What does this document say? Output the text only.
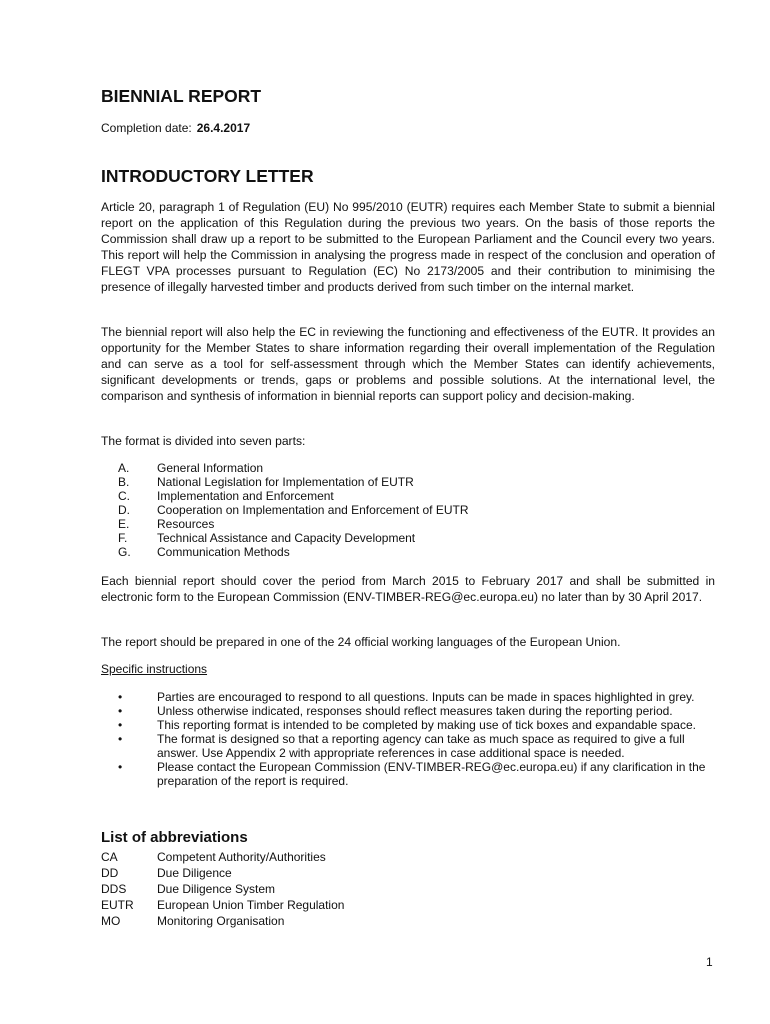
BIENNIAL REPORT
Completion date: 26.4.2017
INTRODUCTORY LETTER

Article 20, paragraph 1 of Regulation (EU) No 995/2010 (EUTR) requires each Member State to submit a biennial report on the application of this Regulation during the previous two years. On the basis of those reports the Commission shall draw up a report to be submitted to the European Parliament and the Council every two years. This report will help the Commission in analysing the progress made in respect of the conclusion and operation of FLEGT VPA processes pursuant to Regulation (EC) No 2173/2005 and their contribution to minimising the presence of illegally harvested timber and products derived from such timber on the internal market.

The biennial report will also help the EC in reviewing the functioning and effectiveness of the EUTR. It provides an opportunity for the Member States to share information regarding their overall implementation of the Regulation and can serve as a tool for self-assessment through which the Member States can identify achievements, significant developments or trends, gaps or problems and possible solutions. At the international level, the comparison and synthesis of information in biennial reports can support policy and decision-making.

The format is divided into seven parts:

A.	General Information
B.	National Legislation for Implementation of EUTR
C.	Implementation and Enforcement
D.	Cooperation on Implementation and Enforcement of EUTR
E.	Resources
F.	Technical Assistance and Capacity Development
G.	Communication Methods

Each biennial report should cover the period from March 2015 to February 2017 and shall be submitted in electronic form to the European Commission (ENV-TIMBER-REG@ec.europa.eu) no later than by 30 April 2017.

The report should be prepared in one of the 24 official working languages of the European Union.

Specific instructions
•	Parties are encouraged to respond to all questions. Inputs can be made in spaces highlighted in grey.
•	Unless otherwise indicated, responses should reflect measures taken during the reporting period.
•	This reporting format is intended to be completed by making use of tick boxes and expandable space.
•	The format is designed so that a reporting agency can take as much space as required to give a full answer. Use Appendix 2 with appropriate references in case additional space is needed.
•	Please contact the European Commission (ENV-TIMBER-REG@ec.europa.eu) if any clarification in the preparation of the report is required.
List of abbreviations
CA	Competent Authority/Authorities
DD	Due Diligence
DDS	Due Diligence System
EUTR	European Union Timber Regulation
MO	Monitoring Organisation
1
